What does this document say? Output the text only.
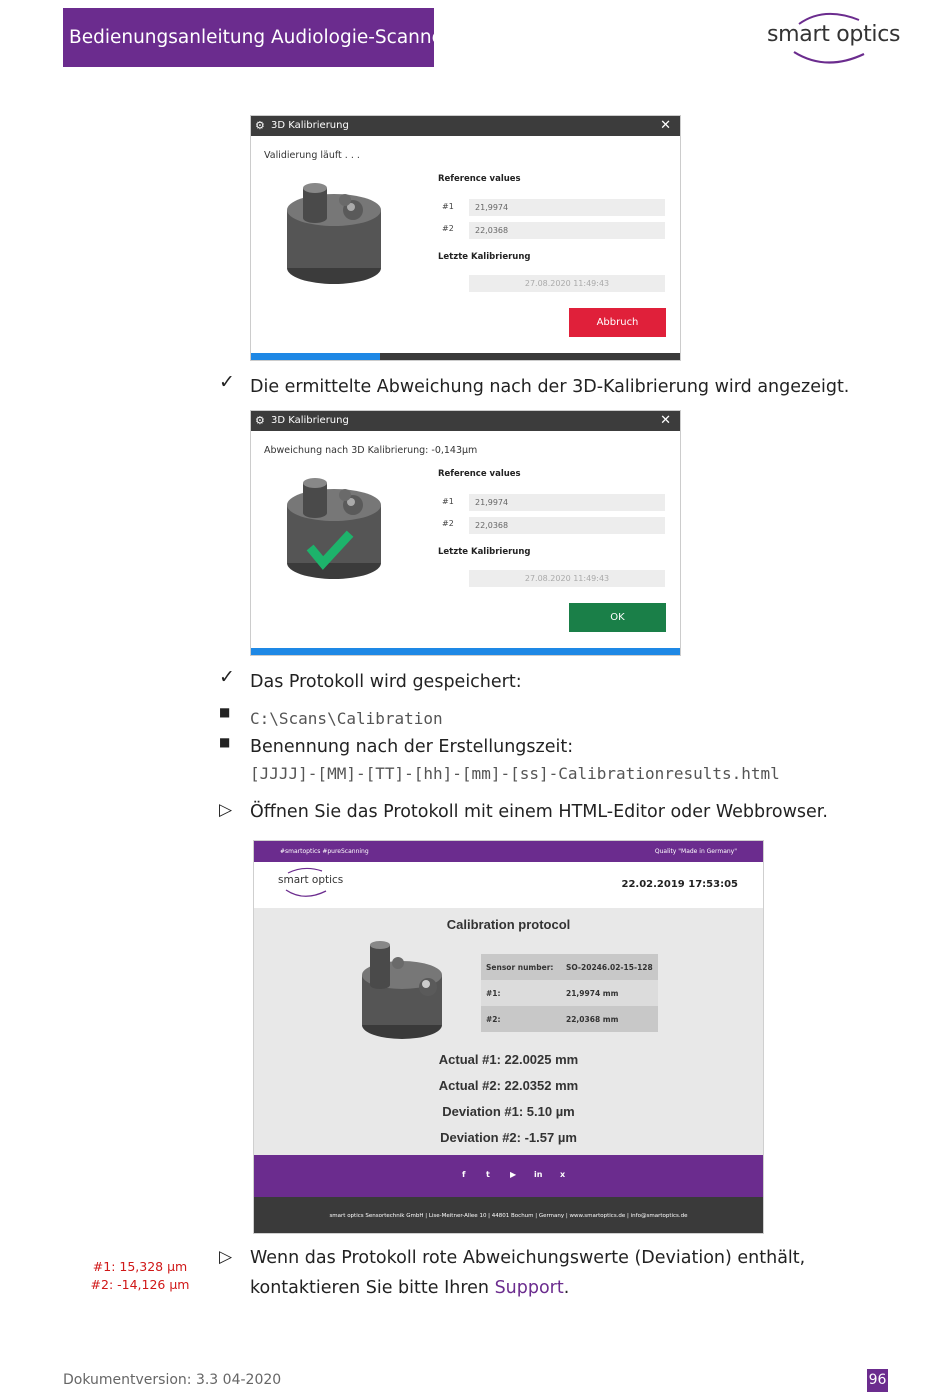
Bedienungsanleitung Audiologie-Scanner	smart optics
⚙ 3D Kalibrierung	✕
Validierung läuft . . .
Reference values
#1	21,9974
#2	22,0368
Letzte Kalibrierung
27.08.2020 11:49:43
Abbruch
✓ Die ermittelte Abweichung nach der 3D-Kalibrierung wird angezeigt.
⚙ 3D Kalibrierung	✕
Abweichung nach 3D Kalibrierung: -0,143µm
Reference values
#1	21,9974
#2	22,0368
Letzte Kalibrierung
27.08.2020 11:49:43
OK
✓ Das Protokoll wird gespeichert:
■ C:\Scans\Calibration
■ Benennung nach der Erstellungszeit:
[JJJJ]-[MM]-[TT]-[hh]-[mm]-[ss]-Calibrationresults.html
▷ Öffnen Sie das Protokoll mit einem HTML-Editor oder Webbrowser.
#smartoptics #pureScanning	Quality "Made in Germany"
smart optics	22.02.2019 17:53:05
Calibration protocol
Sensor number: SO-20246.02-15-128
#1:	21,9974 mm
#2:	22,0368 mm
Actual #1: 22.0025 mm
Actual #2: 22.0352 mm
Deviation #1: 5.10 µm
Deviation #2: -1.57 µm
f	t	▶ in x
smart optics Sensortechnik GmbH | Lise-Meitner-Allee 10 | 44801 Bochum | Germany | www.smartoptics.de | info@smartoptics.de
#1: 15,328 µm
#2: -14,126 µm
▷ Wenn das Protokoll rote Abweichungswerte (Deviation) enthält,
kontaktieren Sie bitte Ihren Support.
Dokumentversion: 3.3 04-2020	96
